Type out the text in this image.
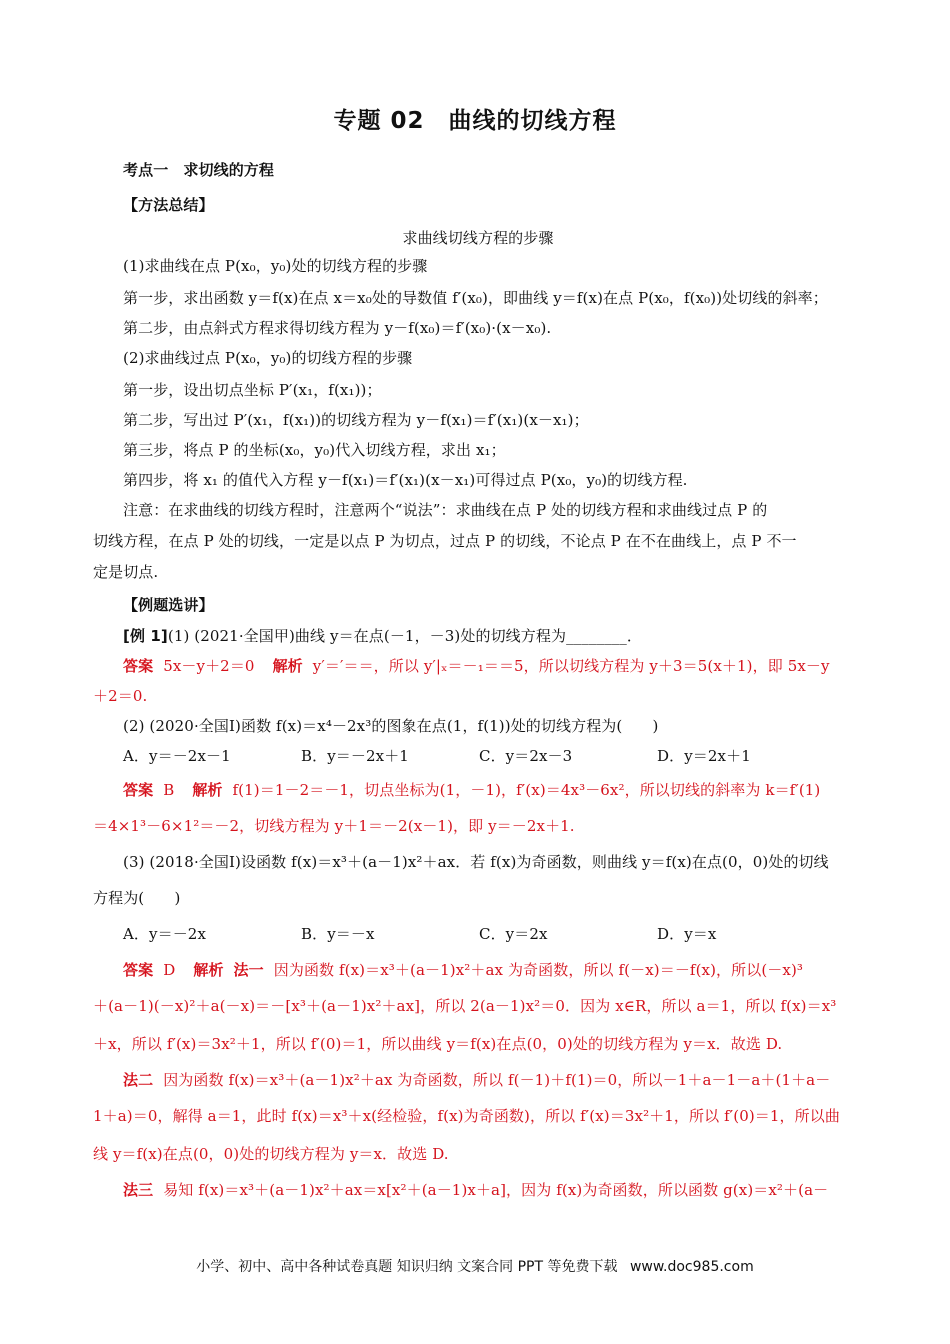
专题 02　曲线的切线方程
考点一　求切线的方程
【方法总结】
求曲线切线方程的步骤
(1)求曲线在点 P(x₀，y₀)处的切线方程的步骤
第一步，求出函数 y＝f(x)在点 x＝x₀处的导数值 f′(x₀)，即曲线 y＝f(x)在点 P(x₀，f(x₀))处切线的斜率；
第二步，由点斜式方程求得切线方程为 y－f(x₀)＝f′(x₀)·(x－x₀).
(2)求曲线过点 P(x₀，y₀)的切线方程的步骤
第一步，设出切点坐标 P′(x₁，f(x₁))；
第二步，写出过 P′(x₁，f(x₁))的切线方程为 y－f(x₁)＝f′(x₁)(x－x₁)；
第三步，将点 P 的坐标(x₀，y₀)代入切线方程，求出 x₁；
第四步，将 x₁ 的值代入方程 y－f(x₁)＝f′(x₁)(x－x₁)可得过点 P(x₀，y₀)的切线方程.
注意：在求曲线的切线方程时，注意两个“说法”：求曲线在点 P 处的切线方程和求曲线过点 P 的
切线方程，在点 P 处的切线，一定是以点 P 为切点，过点 P 的切线，不论点 P 在不在曲线上，点 P 不一
定是切点.
【例题选讲】
[例 1](1) (2021·全国甲)曲线 y＝在点(－1，－3)处的切线方程为________．
答案 5x－y＋2＝0 解析 y′＝′＝＝，所以 y′|ₓ＝－₁＝＝5，所以切线方程为 y＋3＝5(x＋1)，即 5x－y
＋2＝0.
(2) (2020·全国Ⅰ)函数 f(x)＝x⁴－2x³的图象在点(1，f(1))处的切线方程为(　　)
A．y＝－2x－1	B．y＝－2x＋1	C．y＝2x－3	D．y＝2x＋1
答案 B 解析 f(1)＝1－2＝－1，切点坐标为(1，－1)，f′(x)＝4x³－6x²，所以切线的斜率为 k＝f′(1)
＝4×1³－6×1²＝－2，切线方程为 y＋1＝－2(x－1)，即 y＝－2x＋1.
(3) (2018·全国Ⅰ)设函数 f(x)＝x³＋(a－1)x²＋ax．若 f(x)为奇函数，则曲线 y＝f(x)在点(0，0)处的切线
方程为(　　)
A．y＝－2x	B．y＝－x	C．y＝2x	D．y＝x
答案 D 解析 法一 因为函数 f(x)＝x³＋(a－1)x²＋ax 为奇函数，所以 f(－x)＝－f(x)，所以(－x)³
＋(a－1)(－x)²＋a(－x)＝－[x³＋(a－1)x²＋ax]，所以 2(a－1)x²＝0．因为 x∈R，所以 a＝1，所以 f(x)＝x³
＋x，所以 f′(x)＝3x²＋1，所以 f′(0)＝1，所以曲线 y＝f(x)在点(0，0)处的切线方程为 y＝x．故选 D.
法二 因为函数 f(x)＝x³＋(a－1)x²＋ax 为奇函数，所以 f(－1)＋f(1)＝0，所以－1＋a－1－a＋(1＋a－
1＋a)＝0，解得 a＝1，此时 f(x)＝x³＋x(经检验，f(x)为奇函数)，所以 f′(x)＝3x²＋1，所以 f′(0)＝1，所以曲
线 y＝f(x)在点(0，0)处的切线方程为 y＝x．故选 D.
法三 易知 f(x)＝x³＋(a－1)x²＋ax＝x[x²＋(a－1)x＋a]，因为 f(x)为奇函数，所以函数 g(x)＝x²＋(a－
小学、初中、高中各种试卷真题 知识归纳 文案合同 PPT 等免费下载 www.doc985.com
